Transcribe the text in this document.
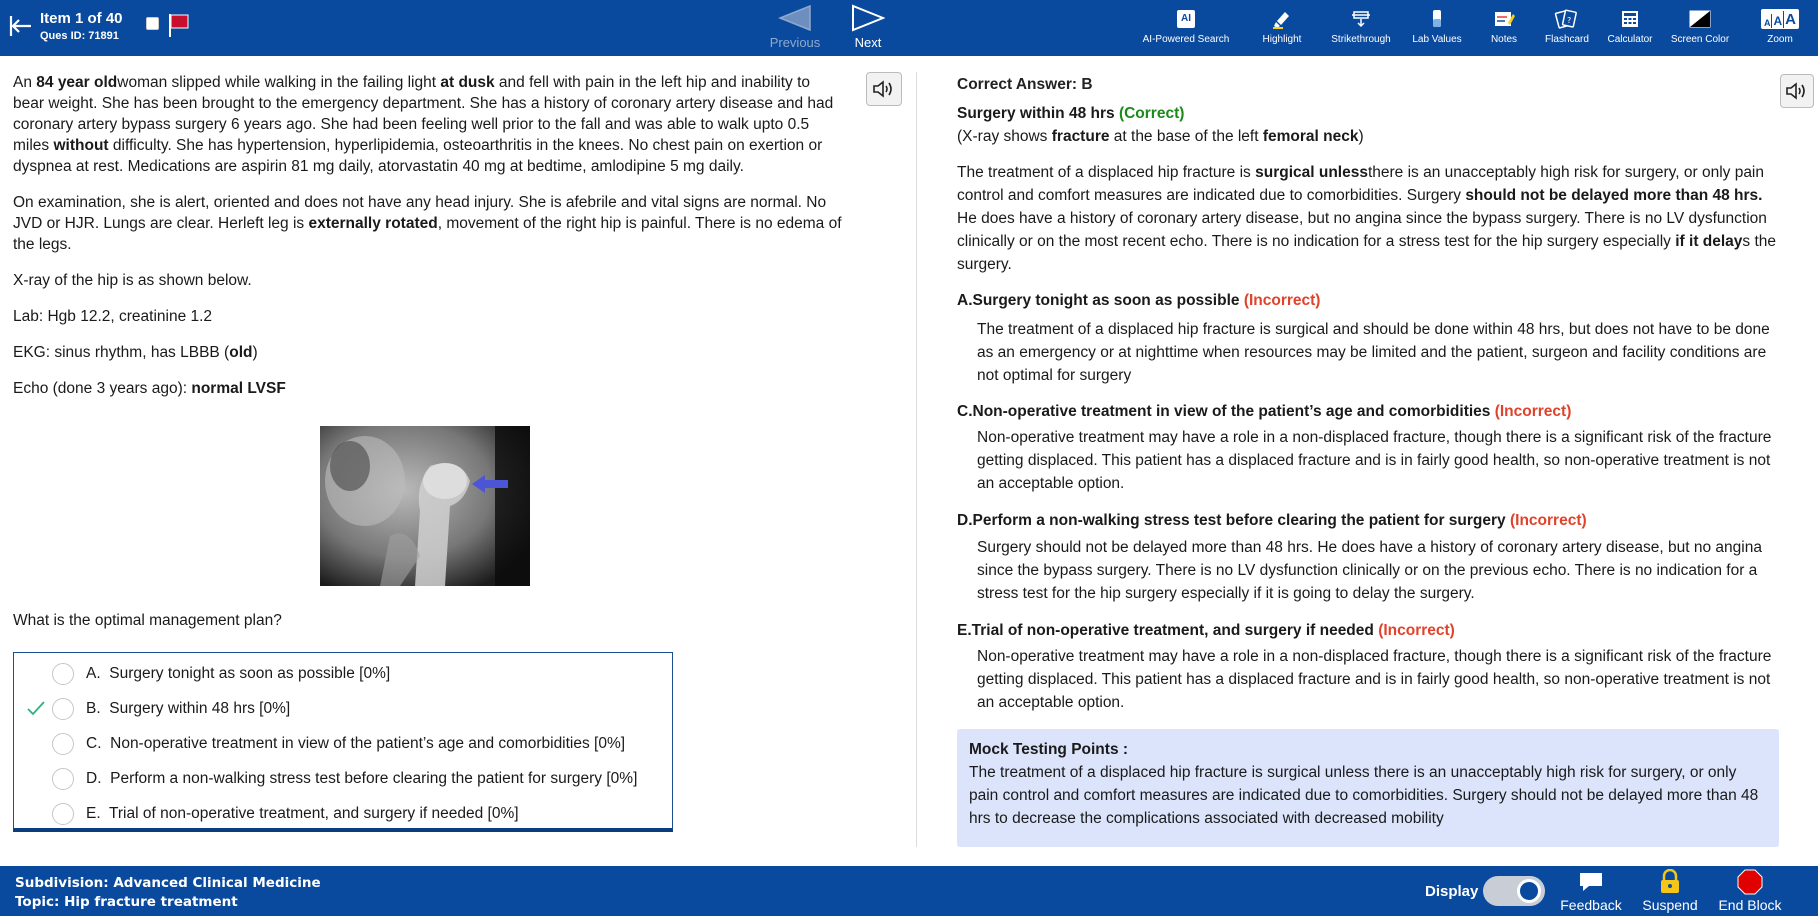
Item 1 of 40
Ques ID: 71891	Previous	Next
AI
AI-Powered Search	Highlight	Strikethrough	Lab Values	Notes
?
Flashcard	Calculator	Screen Color
A A A
Zoom

An 84 year oldwoman slipped while walking in the failing light at dusk and fell with pain in the left hip and inability to bear weight. She has been brought to the emergency department. She has a history of coronary artery disease and had coronary artery bypass surgery 6 years ago. She had been feeling well prior to the fall and was able to walk upto 0.5 miles without difficulty. She has hypertension, hyperlipidemia, osteoarthritis in the knees. No chest pain on exertion or dyspnea at rest. Medications are aspirin 81 mg daily, atorvastatin 40 mg at bedtime, amlodipine 5 mg daily.

On examination, she is alert, oriented and does not have any head injury. She is afebrile and vital signs are normal. No JVD or HJR. Lungs are clear. Herleft leg is externally rotated, movement of the right hip is painful. There is no edema of the legs.

X-ray of the hip is as shown below.

Lab: Hgb 12.2, creatinine 1.2

EKG: sinus rhythm, has LBBB (old)

Echo (done 3 years ago): normal LVSF

What is the optimal management plan?
A. Surgery tonight as soon as possible [0%]
B. Surgery within 48 hrs [0%]
C. Non-operative treatment in view of the patient’s age and comorbidities [0%]
D. Perform a non-walking stress test before clearing the patient for surgery [0%]
E. Trial of non-operative treatment, and surgery if needed [0%]
Correct Answer: B
Surgery within 48 hrs (Correct)
(X-ray shows fracture at the base of the left femoral neck)
The treatment of a displaced hip fracture is surgical unlessthere is an unacceptably high risk for surgery, or only pain control and comfort measures are indicated due to comorbidities. Surgery should not be delayed more than 48 hrs. He does have a history of coronary artery disease, but no angina since the bypass surgery. There is no LV dysfunction clinically or on the most recent echo. There is no indication for a stress test for the hip surgery especially if it delays the surgery.
A.Surgery tonight as soon as possible (Incorrect)
The treatment of a displaced hip fracture is surgical and should be done within 48 hrs, but does not have to be done as an emergency or at nighttime when resources may be limited and the patient, surgeon and facility conditions are not optimal for surgery
C.Non-operative treatment in view of the patient’s age and comorbidities (Incorrect)
Non-operative treatment may have a role in a non-displaced fracture, though there is a significant risk of the fracture getting displaced. This patient has a displaced fracture and is in fairly good health, so non-operative treatment is not an acceptable option.
D.Perform a non-walking stress test before clearing the patient for surgery (Incorrect)
Surgery should not be delayed more than 48 hrs. He does have a history of coronary artery disease, but no angina since the bypass surgery. There is no LV dysfunction clinically or on the previous echo. There is no indication for a stress test for the hip surgery especially if it is going to delay the surgery.
E.Trial of non-operative treatment, and surgery if needed (Incorrect)
Non-operative treatment may have a role in a non-displaced fracture, though there is a significant risk of the fracture getting displaced. This patient has a displaced fracture and is in fairly good health, so non-operative treatment is not an acceptable option.
Mock Testing Points :
The treatment of a displaced hip fracture is surgical unless there is an unacceptably high risk for surgery, or only pain control and comfort measures are indicated due to comorbidities. Surgery should not be delayed more than 48 hrs to decrease the complications associated with decreased mobility
Subdivision: Advanced Clinical Medicine
Topic: Hip fracture treatment
Display
Feedback	Suspend	End Block
